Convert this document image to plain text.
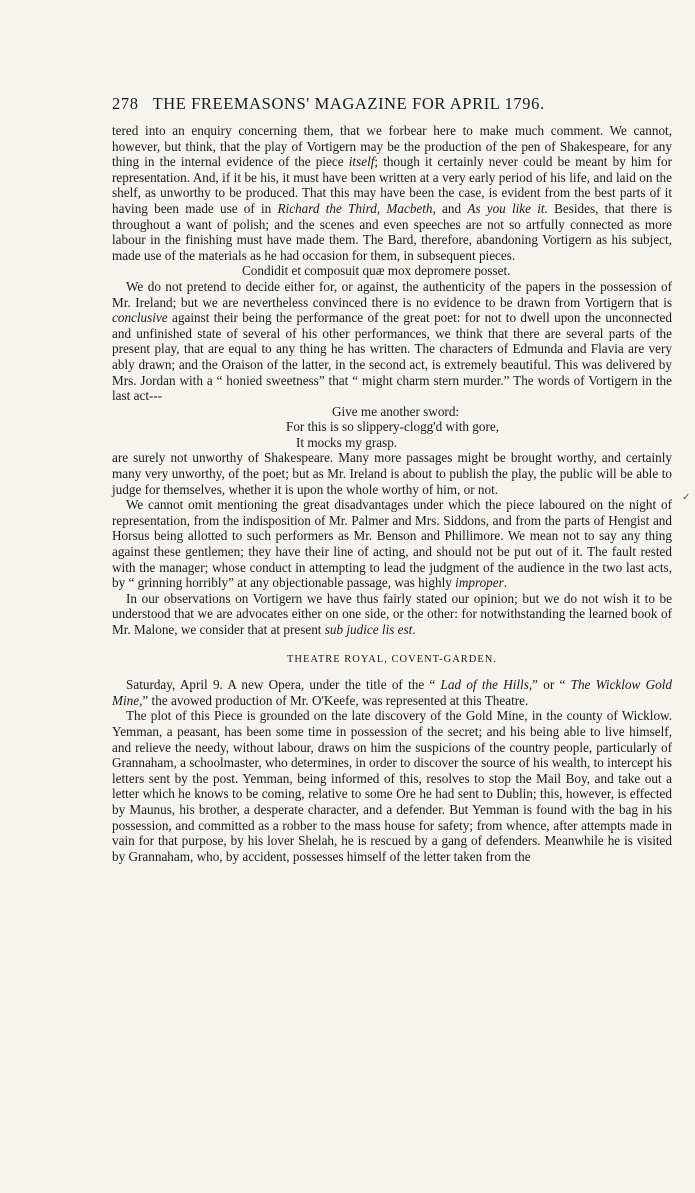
278 THE FREEMASONS' MAGAZINE FOR APRIL 1796.

tered into an enquiry concerning them, that we forbear here to make much comment. We cannot, however, but think, that the play of Vortigern may be the production of the pen of Shakespeare, for any thing in the internal evidence of the piece itself; though it certainly never could be meant by him for representation. And, if it be his, it must have been written at a very early period of his life, and laid on the shelf, as unworthy to be produced. That this may have been the case, is evident from the best parts of it having been made use of in Richard the Third, Macbeth, and As you like it. Besides, that there is throughout a want of polish; and the scenes and even speeches are not so artfully connected as more labour in the finishing must have made them. The Bard, therefore, abandoning Vortigern as his subject, made use of the materials as he had occasion for them, in subsequent pieces.

Condidit et composuit quæ mox depromere posset.

We do not pretend to decide either for, or against, the authenticity of the papers in the possession of Mr. Ireland; but we are nevertheless convinced there is no evidence to be drawn from Vortigern that is conclusive against their being the performance of the great poet: for not to dwell upon the unconnected and unfinished state of several of his other performances, we think that there are several parts of the present play, that are equal to any thing he has written. The characters of Edmunda and Flavia are very ably drawn; and the Oraison of the latter, in the second act, is extremely beautiful. This was delivered by Mrs. Jordan with a “ honied sweetness” that “ might charm stern murder.” The words of Vortigern in the last act---

Give me another sword:

For this is so slippery-clogg'd with gore,

It mocks my grasp.

are surely not unworthy of Shakespeare. Many more passages might be brought worthy, and certainly many very unworthy, of the poet; but as Mr. Ireland is about to publish the play, the public will be able to judge for themselves, whether it is upon the whole worthy of him, or not.

We cannot omit mentioning the great disadvantages under which the piece laboured on the night of representation, from the indisposition of Mr. Palmer and Mrs. Siddons, and from the parts of Hengist and Horsus being allotted to such performers as Mr. Benson and Phillimore. We mean not to say any thing against these gentlemen; they have their line of acting, and should not be put out of it. The fault rested with the manager; whose conduct in attempting to lead the judgment of the audience in the two last acts, by “ grinning horribly” at any objectionable passage, was highly improper.

In our observations on Vortigern we have thus fairly stated our opinion; but we do not wish it to be understood that we are advocates either on one side, or the other: for notwithstanding the learned book of Mr. Malone, we consider that at present sub judice lis est.

THEATRE ROYAL, COVENT-GARDEN.

Saturday, April 9. A new Opera, under the title of the “ Lad of the Hills,” or “ The Wicklow Gold Mine,” the avowed production of Mr. O'Keefe, was represented at this Theatre.

The plot of this Piece is grounded on the late discovery of the Gold Mine, in the county of Wicklow. Yemman, a peasant, has been some time in possession of the secret; and his being able to live himself, and relieve the needy, without labour, draws on him the suspicions of the country people, particularly of Grannaham, a schoolmaster, who determines, in order to discover the source of his wealth, to intercept his letters sent by the post. Yemman, being informed of this, resolves to stop the Mail Boy, and take out a letter which he knows to be coming, relative to some Ore he had sent to Dublin; this, however, is effected by Maunus, his brother, a desperate character, and a defender. But Yemman is found with the bag in his possession, and committed as a robber to the mass house for safety; from whence, after attempts made in vain for that purpose, by his lover Shelah, he is rescued by a gang of defenders. Meanwhile he is visited by Grannaham, who, by accident, possesses himself of the letter taken from the

✓
